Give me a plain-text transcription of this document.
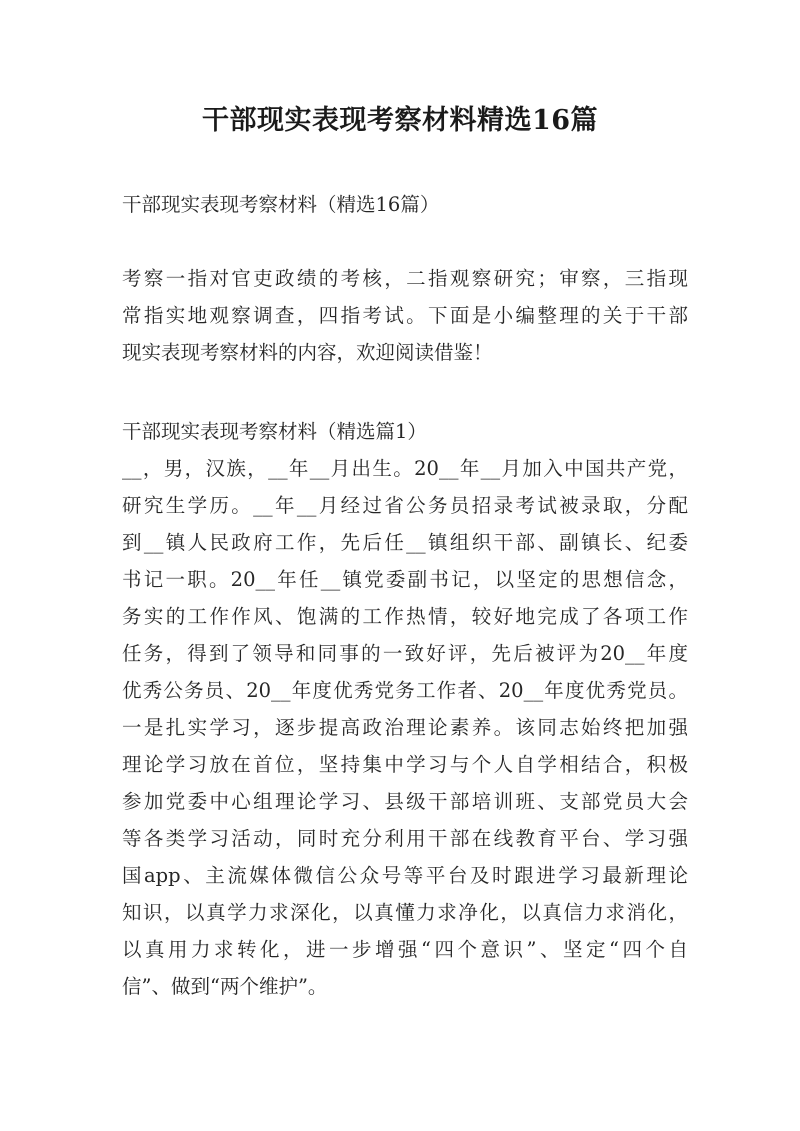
干部现实表现考察材料精选16篇

干部现实表现考察材料（精选16篇）

考察一指对官吏政绩的考核，二指观察研究；审察，三指现
常指实地观察调查，四指考试。下面是小编整理的关于干部
现实表现考察材料的内容，欢迎阅读借鉴！

干部现实表现考察材料（精选篇1）

__，男，汉族，__年__月出生。20__年__月加入中国共产党，
研究生学历。__年__月经过省公务员招录考试被录取，分配
到__镇人民政府工作，先后任__镇组织干部、副镇长、纪委
书记一职。20__年任__镇党委副书记，以坚定的思想信念，
务实的工作作风、饱满的工作热情，较好地完成了各项工作
任务，得到了领导和同事的一致好评，先后被评为20__年度
优秀公务员、20__年度优秀党务工作者、20__年度优秀党员。
一是扎实学习，逐步提高政治理论素养。该同志始终把加强
理论学习放在首位，坚持集中学习与个人自学相结合，积极
参加党委中心组理论学习、县级干部培训班、支部党员大会
等各类学习活动，同时充分利用干部在线教育平台、学习强
国app、主流媒体微信公众号等平台及时跟进学习最新理论
知识，以真学力求深化，以真懂力求净化，以真信力求消化，
以真用力求转化，进一步增强“四个意识”、坚定“四个自
信”、做到“两个维护”。
